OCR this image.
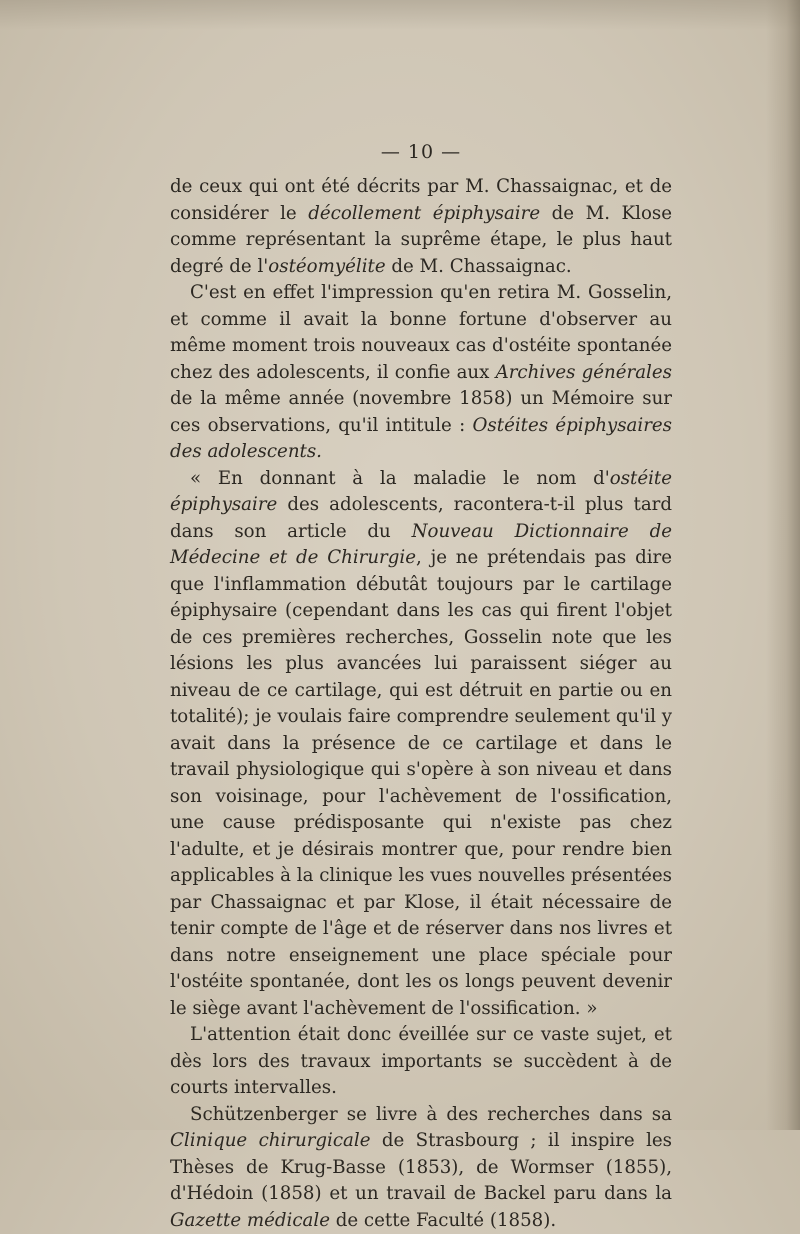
— 10 —

de ceux qui ont été décrits par M. Chassaignac, et de considérer le décollement épiphysaire de M. Klose comme représentant la suprême étape, le plus haut degré de l'ostéomyélite de M. Chassaignac.

C'est en effet l'impression qu'en retira M. Gosselin, et comme il avait la bonne fortune d'observer au même moment trois nouveaux cas d'ostéite spontanée chez des adolescents, il confie aux Archives générales de la même année (novembre 1858) un Mémoire sur ces observations, qu'il intitule : Ostéites épiphysaires des adolescents.

« En donnant à la maladie le nom d'ostéite épiphysaire des adolescents, racontera-t-il plus tard dans son article du Nouveau Dictionnaire de Médecine et de Chirurgie, je ne prétendais pas dire que l'inflammation débutât toujours par le cartilage épiphysaire (cependant dans les cas qui firent l'objet de ces premières recherches, Gosselin note que les lésions les plus avancées lui paraissent siéger au niveau de ce cartilage, qui est détruit en partie ou en totalité); je voulais faire comprendre seulement qu'il y avait dans la présence de ce cartilage et dans le travail physiologique qui s'opère à son niveau et dans son voisinage, pour l'achèvement de l'ossification, une cause prédisposante qui n'existe pas chez l'adulte, et je désirais montrer que, pour rendre bien applicables à la clinique les vues nouvelles présentées par Chassaignac et par Klose, il était nécessaire de tenir compte de l'âge et de réserver dans nos livres et dans notre enseignement une place spéciale pour l'ostéite spontanée, dont les os longs peuvent devenir le siège avant l'achèvement de l'ossification. »

L'attention était donc éveillée sur ce vaste sujet, et dès lors des travaux importants se succèdent à de courts intervalles.

Schützenberger se livre à des recherches dans sa Clinique chirurgicale de Strasbourg ; il inspire les Thèses de Krug-Basse (1853), de Wormser (1855), d'Hédoin (1858) et un travail de Backel paru dans la Gazette médicale de cette Faculté (1858).
